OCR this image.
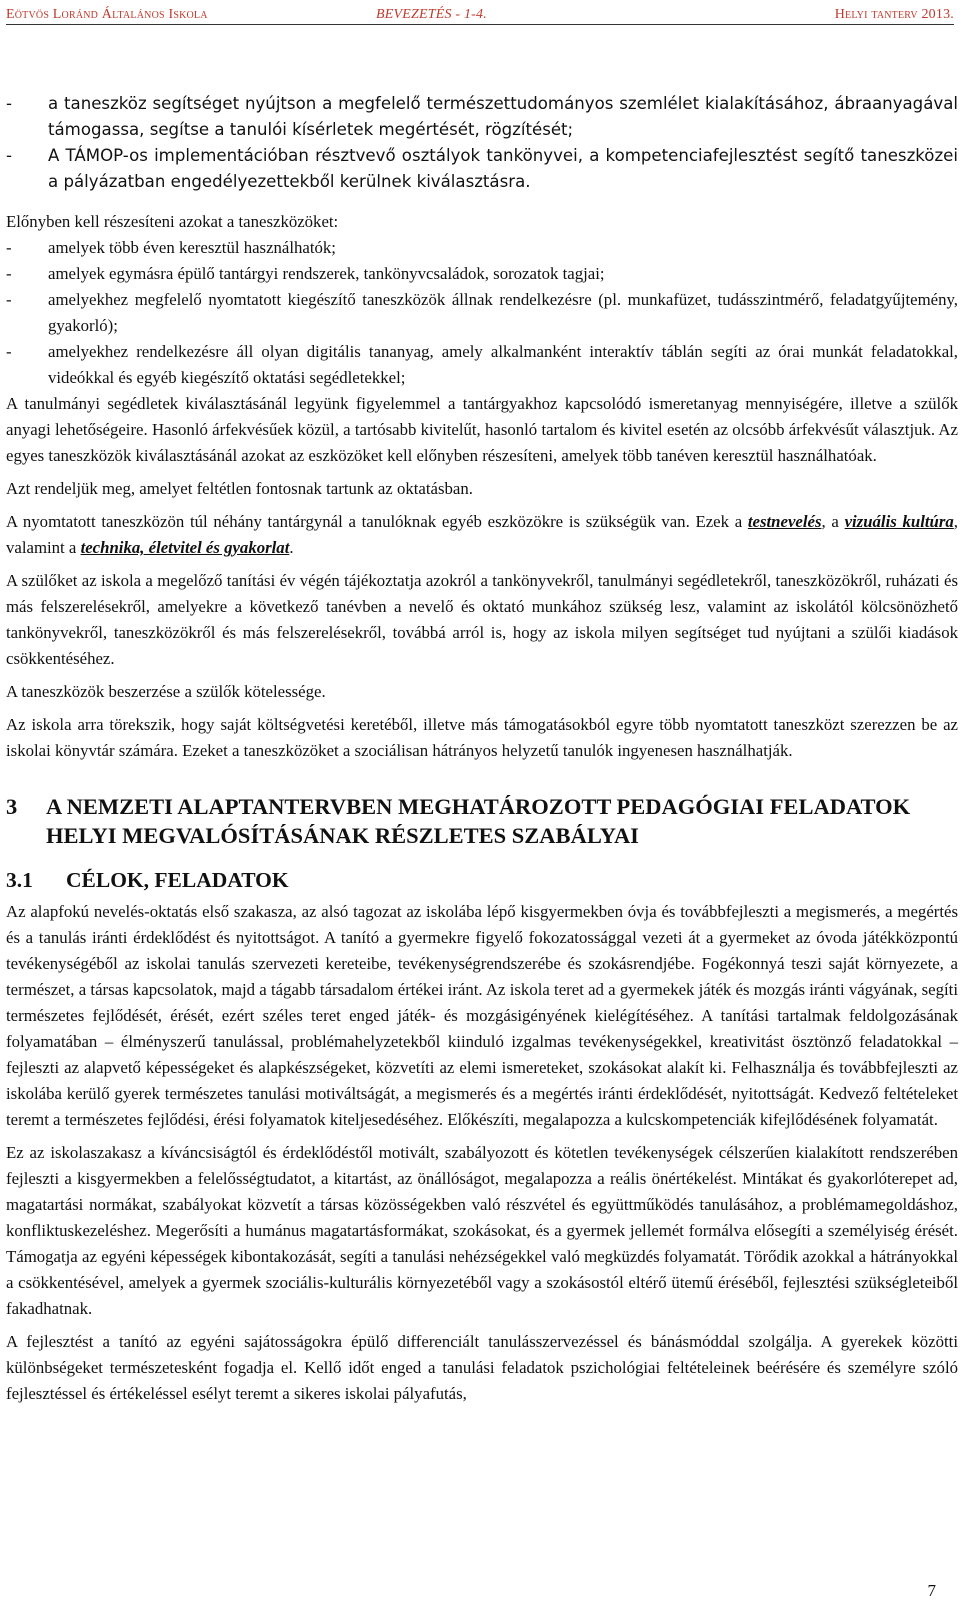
Eötvös Loránd Általános Iskola	BEVEZETÉS - 1-4.	Helyi tanterv 2013.
-	a taneszköz segítséget nyújtson a megfelelő természettudományos szemlélet kialakításához, ábraanyagával támogassa, segítse a tanulói kísérletek megértését, rögzítését;
-	A TÁMOP-os implementációban résztvevő osztályok tankönyvei, a kompetenciafejlesztést segítő taneszközei a pályázatban engedélyezettekből kerülnek kiválasztásra.

Előnyben kell részesíteni azokat a taneszközöket:

-	amelyek több éven keresztül használhatók;
-	amelyek egymásra épülő tantárgyi rendszerek, tankönyvcsaládok, sorozatok tagjai;
-	amelyekhez megfelelő nyomtatott kiegészítő taneszközök állnak rendelkezésre (pl. munkafüzet, tudásszintmérő, feladatgyűjtemény, gyakorló);
-	amelyekhez rendelkezésre áll olyan digitális tananyag, amely alkalmanként interaktív táblán segíti az órai munkát feladatokkal, videókkal és egyéb kiegészítő oktatási segédletekkel;

A tanulmányi segédletek kiválasztásánál legyünk figyelemmel a tantárgyakhoz kapcsolódó ismeretanyag mennyiségére, illetve a szülők anyagi lehetőségeire. Hasonló árfekvésűek közül, a tartósabb kivitelűt, hasonló tartalom és kivitel esetén az olcsóbb árfekvésűt választjuk. Az egyes taneszközök kiválasztásánál azokat az eszközöket kell előnyben részesíteni, amelyek több tanéven keresztül használhatóak.

Azt rendeljük meg, amelyet feltétlen fontosnak tartunk az oktatásban.

A nyomtatott taneszközön túl néhány tantárgynál a tanulóknak egyéb eszközökre is szükségük van. Ezek a testnevelés, a vizuális kultúra, valamint a technika, életvitel és gyakorlat.

A szülőket az iskola a megelőző tanítási év végén tájékoztatja azokról a tankönyvekről, tanulmányi segédletekről, taneszközökről, ruházati és más felszerelésekről, amelyekre a következő tanévben a nevelő és oktató munkához szükség lesz, valamint az iskolától kölcsönözhető tankönyvekről, taneszközökről és más felszerelésekről, továbbá arról is, hogy az iskola milyen segítséget tud nyújtani a szülői kiadások csökkentéséhez.

A taneszközök beszerzése a szülők kötelessége.

Az iskola arra törekszik, hogy saját költségvetési keretéből, illetve más támogatásokból egyre több nyomtatott taneszközt szerezzen be az iskolai könyvtár számára. Ezeket a taneszközöket a szociálisan hátrányos helyzetű tanulók ingyenesen használhatják.

3	A NEMZETI ALAPTANTERVBEN MEGHATÁROZOTT PEDAGÓGIAI FELADATOK HELYI MEGVALÓSÍTÁSÁNAK RÉSZLETES SZABÁLYAI
3.1	CÉLOK, FELADATOK

Az alapfokú nevelés-oktatás első szakasza, az alsó tagozat az iskolába lépő kisgyermekben óvja és továbbfejleszti a megismerés, a megértés és a tanulás iránti érdeklődést és nyitottságot. A tanító a gyermekre figyelő fokozatossággal vezeti át a gyermeket az óvoda játékközpontú tevékenységéből az iskolai tanulás szervezeti kereteibe, tevékenységrendszerébe és szokásrendjébe. Fogékonnyá teszi saját környezete, a természet, a társas kapcsolatok, majd a tágabb társadalom értékei iránt. Az iskola teret ad a gyermekek játék és mozgás iránti vágyának, segíti természetes fejlődését, érését, ezért széles teret enged játék- és mozgásigényének kielégítéséhez. A tanítási tartalmak feldolgozásának folyamatában – élményszerű tanulással, problémahelyzetekből kiinduló izgalmas tevékenységekkel, kreativitást ösztönző feladatokkal – fejleszti az alapvető képességeket és alapkészségeket, közvetíti az elemi ismereteket, szokásokat alakít ki. Felhasználja és továbbfejleszti az iskolába kerülő gyerek természetes tanulási motiváltságát, a megismerés és a megértés iránti érdeklődését, nyitottságát. Kedvező feltételeket teremt a természetes fejlődési, érési folyamatok kiteljesedéséhez. Előkészíti, megalapozza a kulcskompetenciák kifejlődésének folyamatát.

Ez az iskolaszakasz a kíváncsiságtól és érdeklődéstől motivált, szabályozott és kötetlen tevékenységek célszerűen kialakított rendszerében fejleszti a kisgyermekben a felelősségtudatot, a kitartást, az önállóságot, megalapozza a reális önértékelést. Mintákat és gyakorlóterepet ad, magatartási normákat, szabályokat közvetít a társas közösségekben való részvétel és együttműködés tanulásához, a problémamegoldáshoz, konfliktuskezeléshez. Megerősíti a humánus magatartásformákat, szokásokat, és a gyermek jellemét formálva elősegíti a személyiség érését. Támogatja az egyéni képességek kibontakozását, segíti a tanulási nehézségekkel való megküzdés folyamatát. Törődik azokkal a hátrányokkal a csökkentésével, amelyek a gyermek szociális-kulturális környezetéből vagy a szokásostól eltérő ütemű éréséből, fejlesztési szükségleteiből fakadhatnak.

A fejlesztést a tanító az egyéni sajátosságokra épülő differenciált tanulásszervezéssel és bánásmóddal szolgálja. A gyerekek közötti különbségeket természetesként fogadja el. Kellő időt enged a tanulási feladatok pszichológiai feltételeinek beérésére és személyre szóló fejlesztéssel és értékeléssel esélyt teremt a sikeres iskolai pályafutás,

7
